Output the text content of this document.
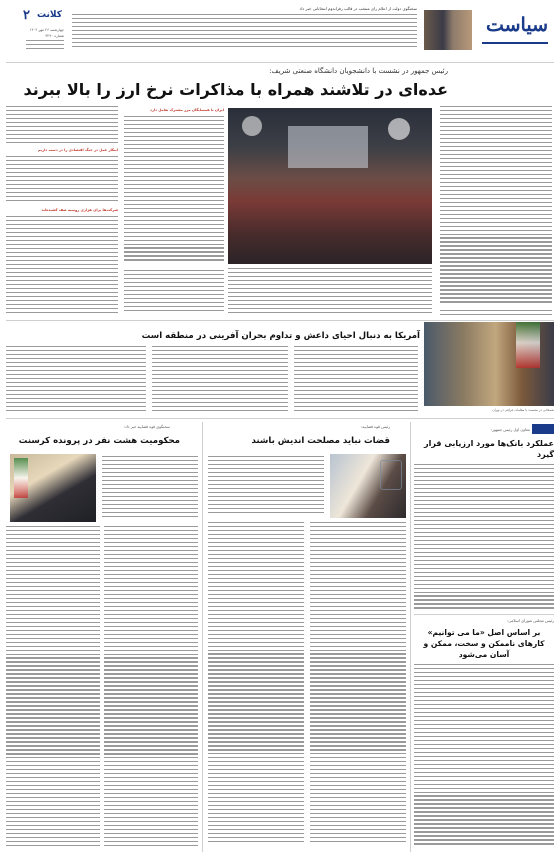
۲ کلانت
چهارشنبه ۲۶ مهر ۱۴۰۲
شماره ۳۲۹۰
سخنگوی دولت از اعلام رای منتخب در قالب رفراندوم انتخاباتی خبر داد
سیاست
رئیس جمهور در نشست با دانشجویان دانشگاه صنعتی شریف:
عده‌ای در تلاشند همراه با مذاکرات نرخ ارز را بالا ببرند
ایران با همسایگان مرز مشترک تعامل دارد
ابتکار عمل در جنگ اقتصادی را در دست داریم
شرکت‌ها برای هزاری روسیه صف کشیده‌اند
آمریکا به دنبال احیای داعش و تداوم بحران آفرینی در منطقه است
شمخانی در نشست با مقامات عراقی در تهران
معاون اول رئیس جمهور:
عملکرد بانک‌ها مورد ارزیابی قرار گیرد
رئیس مجلس شورای اسلامی:
بر اساس اصل «ما می توانیم» کارهای ناممکن و سخت، ممکن و آسان می‌شود
رئیس قوه قضاییه:
قضات نباید مصلحت اندیش باشند
سخنگوی قوه قضاییه خبر داد:
محکومیت هشت نفر در پرونده کرسنت
